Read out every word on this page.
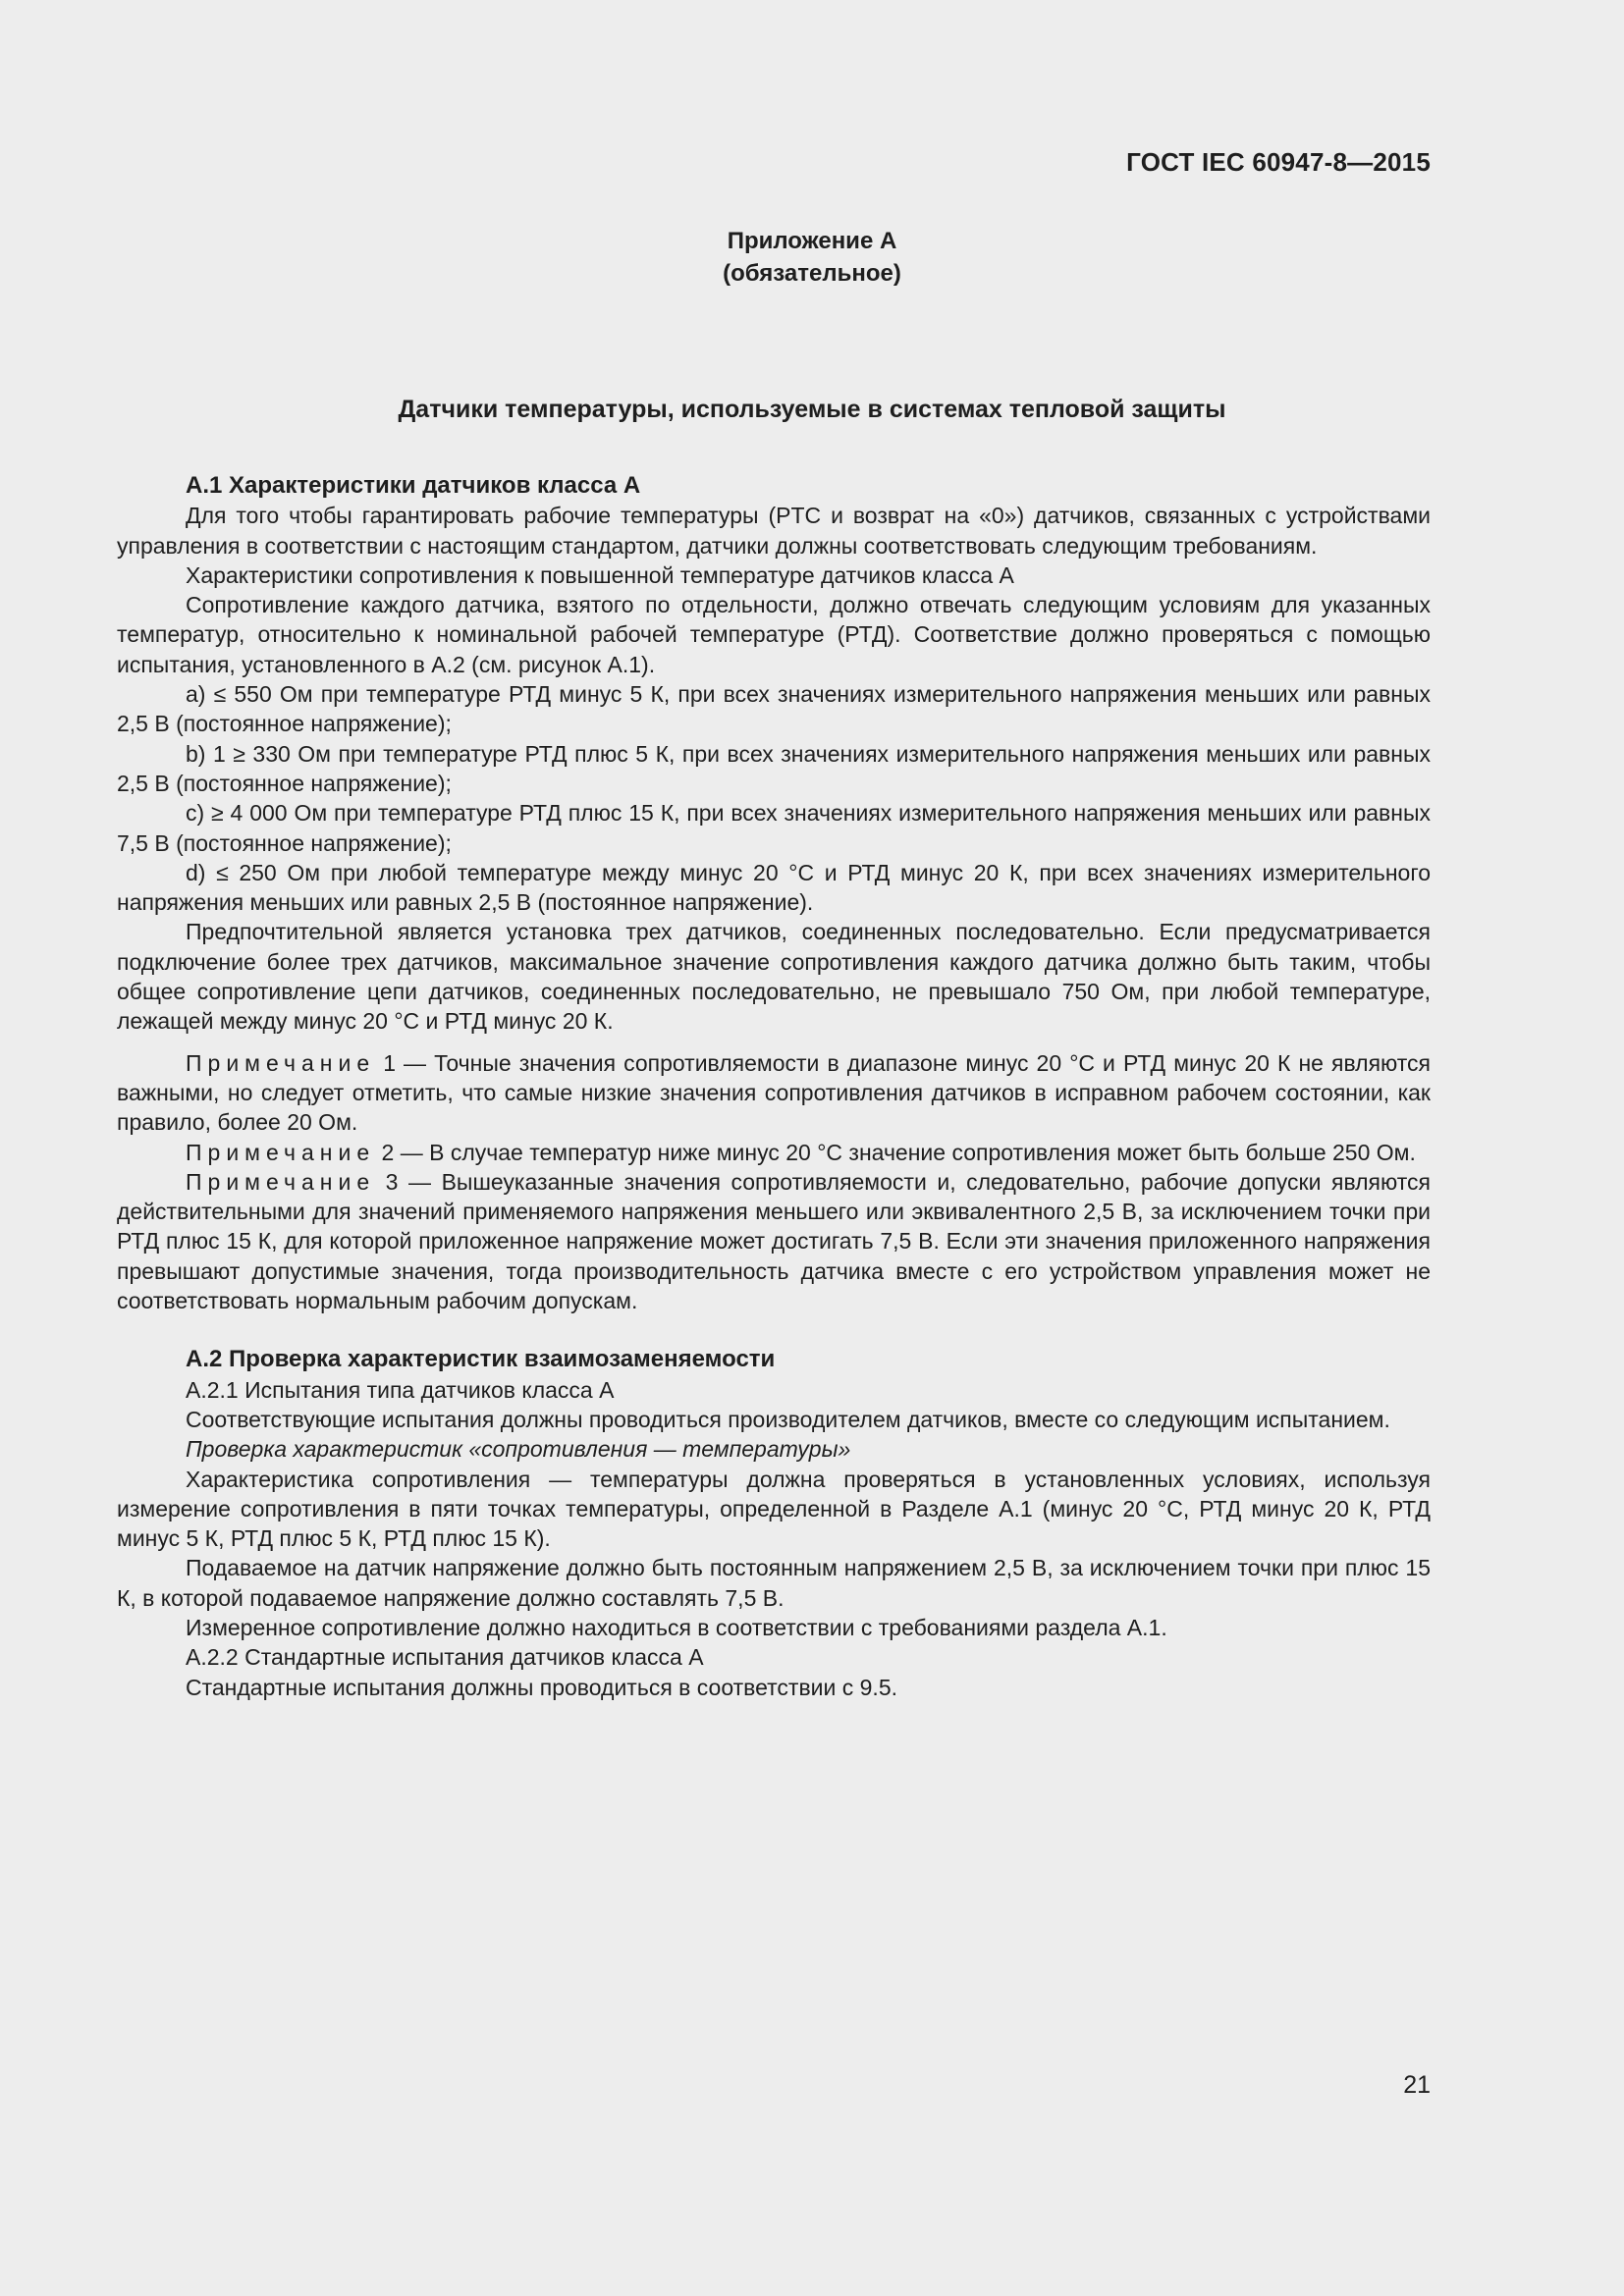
ГОСТ IEC 60947-8—2015
Приложение А
(обязательное)
Датчики температуры, используемые в системах тепловой защиты
А.1 Характеристики датчиков класса А

Для того чтобы гарантировать рабочие температуры (PTC и возврат на «0») датчиков, связанных с устройствами управления в соответствии с настоящим стандартом, датчики должны соответствовать следующим требованиям.

Характеристики сопротивления к повышенной температуре датчиков класса А

Сопротивление каждого датчика, взятого по отдельности, должно отвечать следующим условиям для указанных температур, относительно к номинальной рабочей температуре (РТД). Соответствие должно проверяться с помощью испытания, установленного в А.2 (см. рисунок А.1).

a) ≤ 550 Ом при температуре РТД минус 5 К, при всех значениях измерительного напряжения меньших или равных 2,5 В (постоянное напряжение);

b) 1 ≥ 330 Ом при температуре РТД плюс 5 К, при всех значениях измерительного напряжения меньших или равных 2,5 В (постоянное напряжение);

c) ≥ 4 000 Ом при температуре РТД плюс 15 К, при всех значениях измерительного напряжения меньших или равных 7,5 В (постоянное напряжение);

d) ≤ 250 Ом при любой температуре между минус 20 °С и РТД минус 20 К, при всех значениях измерительного напряжения меньших или равных 2,5 В (постоянное напряжение).

Предпочтительной является установка трех датчиков, соединенных последовательно. Если предусматривается подключение более трех датчиков, максимальное значение сопротивления каждого датчика должно быть таким, чтобы общее сопротивление цепи датчиков, соединенных последовательно, не превышало 750 Ом, при любой температуре, лежащей между минус 20 °С и РТД минус 20 К.

Примечание 1 — Точные значения сопротивляемости в диапазоне минус 20 °С и РТД минус 20 К не являются важными, но следует отметить, что самые низкие значения сопротивления датчиков в исправном рабочем состоянии, как правило, более 20 Ом.

Примечание 2 — В случае температур ниже минус 20 °С значение сопротивления может быть больше 250 Ом.

Примечание 3 — Вышеуказанные значения сопротивляемости и, следовательно, рабочие допуски являются действительными для значений применяемого напряжения меньшего или эквивалентного 2,5 В, за исключением точки при РТД плюс 15 К, для которой приложенное напряжение может достигать 7,5 В. Если эти значения приложенного напряжения превышают допустимые значения, тогда производительность датчика вместе с его устройством управления может не соответствовать нормальным рабочим допускам.

А.2 Проверка характеристик взаимозаменяемости

А.2.1 Испытания типа датчиков класса А

Соответствующие испытания должны проводиться производителем датчиков, вместе со следующим испытанием.

Проверка характеристик «сопротивления — температуры»

Характеристика сопротивления — температуры должна проверяться в установленных условиях, используя измерение сопротивления в пяти точках температуры, определенной в Разделе А.1 (минус 20 °С, РТД минус 20 К, РТД минус 5 К, РТД плюс 5 К, РТД плюс 15 К).

Подаваемое на датчик напряжение должно быть постоянным напряжением 2,5 В, за исключением точки при плюс 15 К, в которой подаваемое напряжение должно составлять 7,5 В.

Измеренное сопротивление должно находиться в соответствии с требованиями раздела А.1.

А.2.2 Стандартные испытания датчиков класса А

Стандартные испытания должны проводиться в соответствии с 9.5.

21
